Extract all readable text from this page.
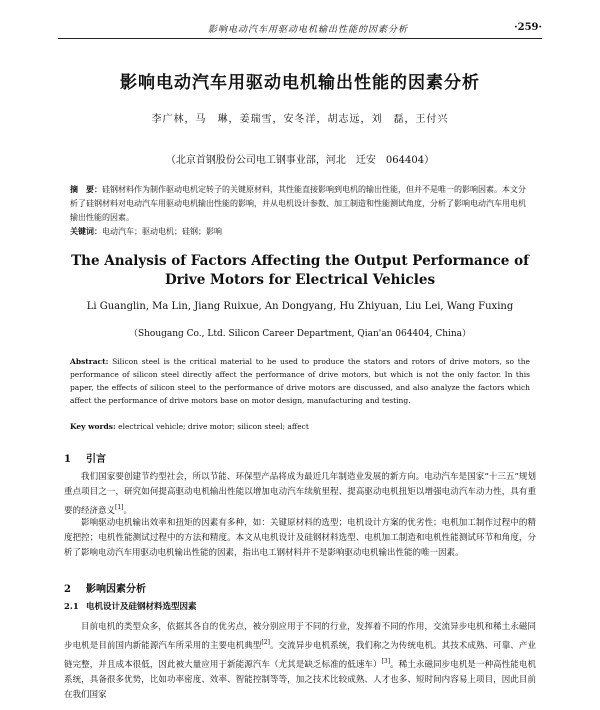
影响电动汽车用驱动电机输出性能的因素分析	·259·
影响电动汽车用驱动电机输出性能的因素分析
李广林，马　琳，姜瑞雪，安冬洋，胡志远，刘　磊，王付兴
（北京首钢股份公司电工钢事业部，河北　迁安　064404）
摘　要：硅钢材料作为制作驱动电机定转子的关键原材料，其性能直接影响到电机的输出性能，但并不是唯一的影响因素。本文分析了硅钢材料对电动汽车用驱动电机输出性能的影响，并从电机设计参数、加工制造和性能测试角度，分析了影响电动汽车用电机输出性能的因素。
关键词：电动汽车；驱动电机；硅钢；影响
The Analysis of Factors Affecting the Output Performance of
Drive Motors for Electrical Vehicles
Li Guanglin, Ma Lin, Jiang Ruixue, An Dongyang, Hu Zhiyuan, Liu Lei, Wang Fuxing
（Shougang Co., Ltd. Silicon Career Department, Qian'an 064404, China）
Abstract: Silicon steel is the critical material to be used to produce the stators and rotors of drive motors, so the performance of silicon steel directly affect the performance of drive motors, but which is not the only factor. In this paper, the effects of silicon steel to the performance of drive motors are discussed, and also analyze the factors which affect the performance of drive motors base on motor design, manufacturing and testing.
Key words: electrical vehicle; drive motor; silicon steel; affect
1 引言
我们国家要创建节约型社会，所以节能、环保型产品将成为最近几年制造业发展的新方向。电动汽车是国家“十三五”规划重点项目之一，研究如何提高驱动电机输出性能以增加电动汽车续航里程、提高驱动电机扭矩以增强电动汽车动力性，具有重要的经济意义[1]。
影响驱动电机输出效率和扭矩的因素有多种，如：关键原材料的选型；电机设计方案的优劣性；电机加工制作过程中的精度把控；电机性能测试过程中的方法和精度。本文从电机设计及硅钢材料选型、电机加工制造和电机性能测试环节和角度，分析了影响电动汽车用驱动电机输出性能的因素，指出电工钢材料并不是影响驱动电机输出性能的唯一因素。
2 影响因素分析
2.1 电机设计及硅钢材料选型因素
目前电机的类型众多，依据其各自的优劣点，被分别应用于不同的行业，发挥着不同的作用，交流异步电机和稀土永磁同步电机是目前国内新能源汽车所采用的主要电机典型[2]。交流异步电机系统，我们称之为传统电机。其技术成熟、可靠、产业链完整，并且成本很低，因此被大量应用于新能源汽车（尤其是缺乏标准的低速车）[3]。稀土永磁同步电机是一种高性能电机系统，具备很多优势，比如功率密度、效率、智能控制等等，加之技术比较成熟、人才也多、短时间内容易上项目，因此目前在我们国家
